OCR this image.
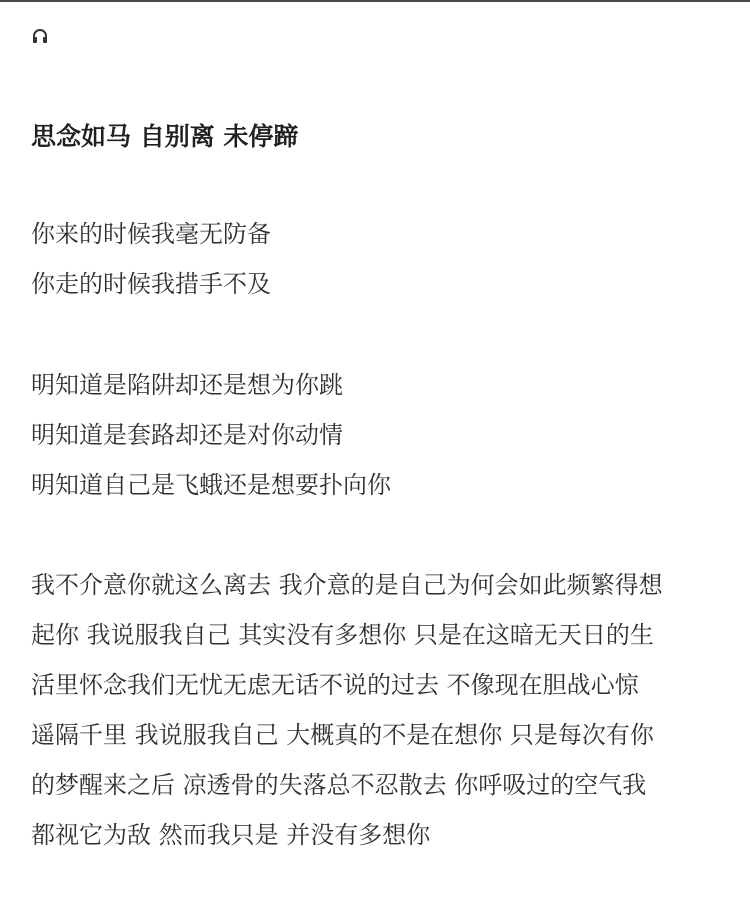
思念如马 自别离 未停蹄
你来的时候我毫无防备
你走的时候我措手不及
明知道是陷阱却还是想为你跳
明知道是套路却还是对你动情
明知道自己是飞蛾还是想要扑向你
我不介意你就这么离去 我介意的是自己为何会如此频繁得想
起你 我说服我自己 其实没有多想你 只是在这暗无天日的生
活里怀念我们无忧无虑无话不说的过去 不像现在胆战心惊
遥隔千里 我说服我自己 大概真的不是在想你 只是每次有你
的梦醒来之后 凉透骨的失落总不忍散去 你呼吸过的空气我
都视它为敌 然而我只是 并没有多想你
